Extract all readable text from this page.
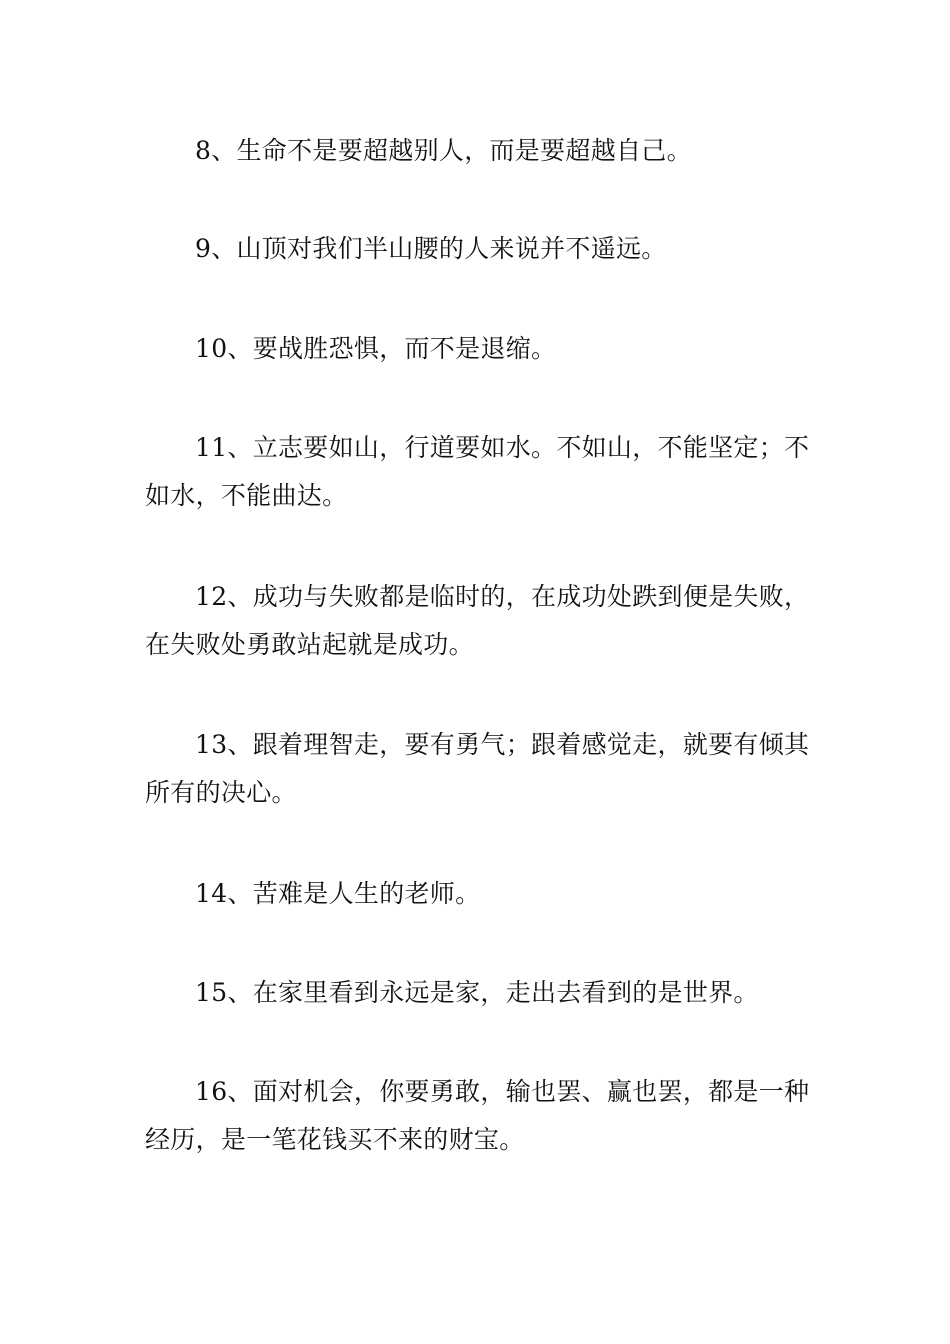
8、生命不是要超越别人，而是要超越自己。

9、山顶对我们半山腰的人来说并不遥远。

10、要战胜恐惧，而不是退缩。

11、立志要如山，行道要如水。不如山，不能坚定；不如水，不能曲达。

12、成功与失败都是临时的，在成功处跌到便是失败，在失败处勇敢站起就是成功。

13、跟着理智走，要有勇气；跟着感觉走，就要有倾其所有的决心。

14、苦难是人生的老师。

15、在家里看到永远是家，走出去看到的是世界。

16、面对机会，你要勇敢，输也罢、赢也罢，都是一种经历，是一笔花钱买不来的财宝。
